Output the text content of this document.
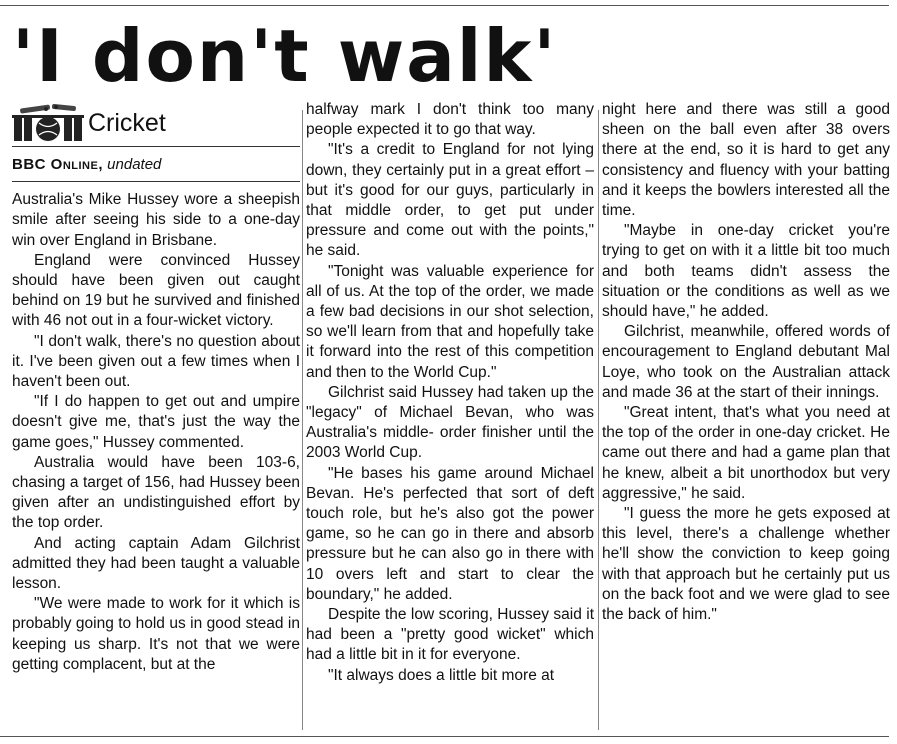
'I don't walk'
Cricket
BBC Online, undated

Australia's Mike Hussey wore a sheepish smile after seeing his side to a one-day win over England in Brisbane.

England were convinced Hussey should have been given out caught behind on 19 but he survived and finished with 46 not out in a four-wicket victory.

"I don't walk, there's no question about it. I've been given out a few times when I haven't been out.

"If I do happen to get out and umpire doesn't give me, that's just the way the game goes," Hussey commented.

Australia would have been 103-6, chasing a target of 156, had Hussey been given after an undistinguished effort by the top order.

And acting captain Adam Gilchrist admitted they had been taught a valuable lesson.

"We were made to work for it which is probably going to hold us in good stead in keeping us sharp. It's not that we were getting complacent, but at the

halfway mark I don't think too many people expected it to go that way.

"It's a credit to England for not lying down, they certainly put in a great effort – but it's good for our guys, particularly in that middle order, to get put under pressure and come out with the points," he said.

"Tonight was valuable experience for all of us. At the top of the order, we made a few bad decisions in our shot selection, so we'll learn from that and hopefully take it forward into the rest of this competition and then to the World Cup."

Gilchrist said Hussey had taken up the "legacy" of Michael Bevan, who was Australia's middle- order finisher until the 2003 World Cup.

"He bases his game around Michael Bevan. He's perfected that sort of deft touch role, but he's also got the power game, so he can go in there and absorb pressure but he can also go in there with 10 overs left and start to clear the boundary," he added.

Despite the low scoring, Hussey said it had been a "pretty good wicket" which had a little bit in it for everyone.

"It always does a little bit more at

night here and there was still a good sheen on the ball even after 38 overs there at the end, so it is hard to get any consistency and fluency with your batting and it keeps the bowlers interested all the time.

"Maybe in one-day cricket you're trying to get on with it a little bit too much and both teams didn't assess the situation or the conditions as well as we should have," he added.

Gilchrist, meanwhile, offered words of encouragement to England debutant Mal Loye, who took on the Australian attack and made 36 at the start of their innings.

"Great intent, that's what you need at the top of the order in one-day cricket. He came out there and had a game plan that he knew, albeit a bit unorthodox but very aggressive," he said.

"I guess the more he gets exposed at this level, there's a challenge whether he'll show the conviction to keep going with that approach but he certainly put us on the back foot and we were glad to see the back of him."
